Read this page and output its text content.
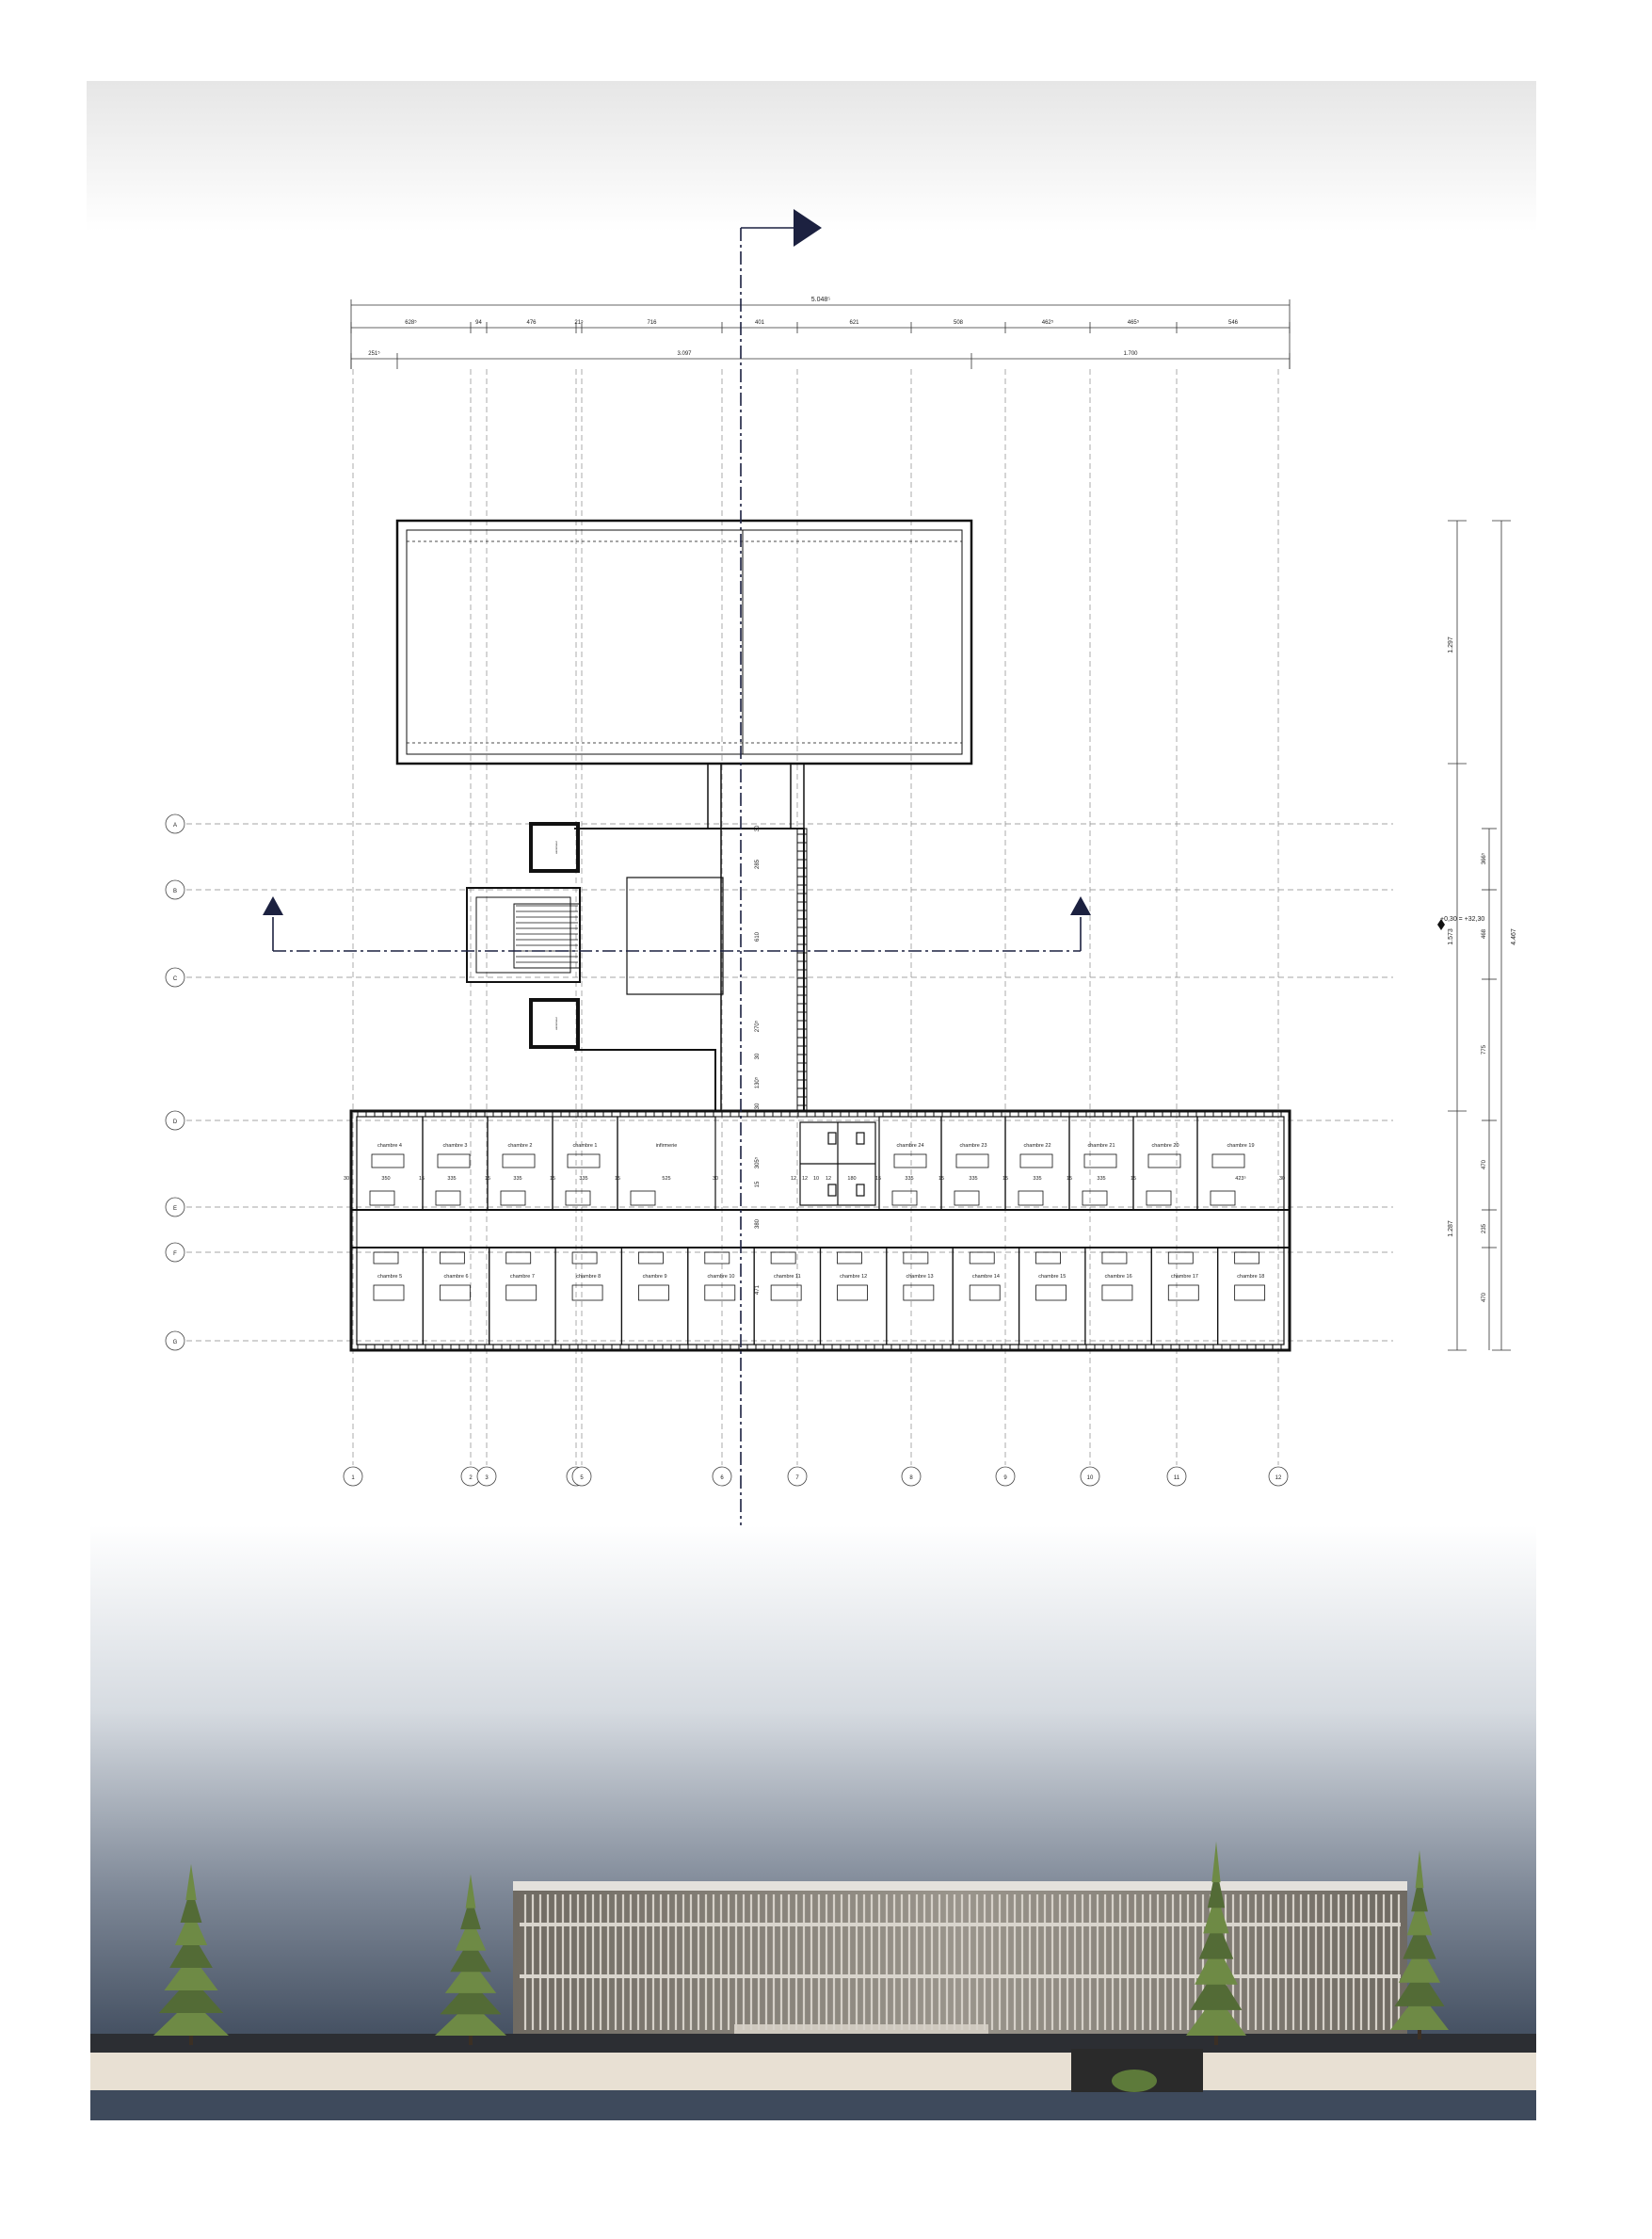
5.048⁵
628⁵	94	476	21⁵	716	401	621	508	462⁵	465⁵	546
251⁵	3.097	1.700
1	2 3	5	6	7	8	9	10	11	12
A
B
C
D
E
F
G
ascenseur
ascenseur
285
30
610
270⁵
30
130⁵
30
305⁵
15
380
471
chambre 4	chambre 3	chambre 2	chambre 1	infirmerie	chambre 24	chambre 23	chambre 22	chambre 21	chambre 20	chambre 19
chambre 5	chambre 6	chambre 7	chambre 8	chambre 9	chambre 10	chambre 11	chambre 12	chambre 13	chambre 14	chambre 15	chambre 16	chambre 17	chambre 18
30	350	15	335	15	335	15	335	15	525	30	12 12 10 12	180	15	335	15	335	15	335	15	335	15	423⁵	30
4.467
1.297
1.573
1.287
366⁵
468
775
470
235
470
+0,30 = +32,30
